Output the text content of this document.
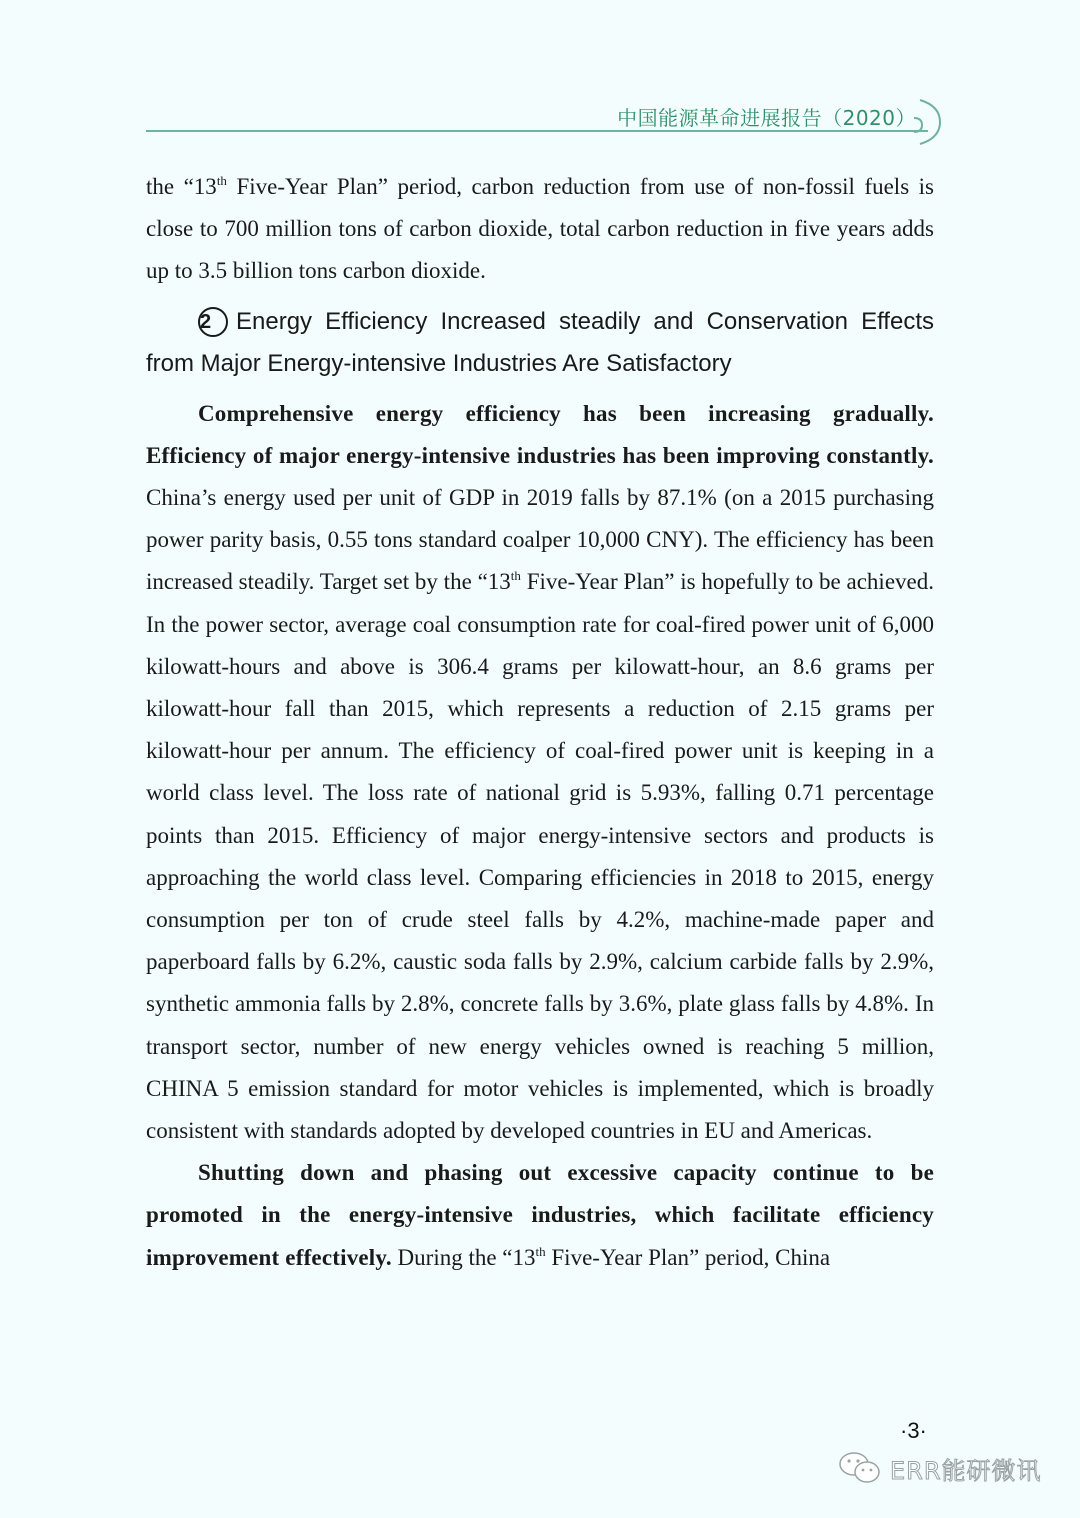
中国能源革命进展报告（2020）

the “13th Five-Year Plan” period, carbon reduction from use of non-fossil fuels is close to 700 million tons of carbon dioxide, total carbon reduction in five years adds up to 3.5 billion tons carbon dioxide.

2 Energy Efficiency Increased steadily and Conservation Effects from Major Energy-intensive Industries Are Satisfactory

Comprehensive energy efficiency has been increasing gradually. Efficiency of major energy-intensive industries has been improving constantly. China’s energy used per unit of GDP in 2019 falls by 87.1% (on a 2015 purchasing power parity basis, 0.55 tons standard coalper 10,000 CNY). The efficiency has been increased steadily. Target set by the “13th Five-Year Plan” is hopefully to be achieved. In the power sector, average coal consumption rate for coal-fired power unit of 6,000 kilowatt-hours and above is 306.4 grams per kilowatt-hour, an 8.6 grams per kilowatt-hour fall than 2015, which represents a reduction of 2.15 grams per kilowatt-hour per annum. The efficiency of coal-fired power unit is keeping in a world class level. The loss rate of national grid is 5.93%, falling 0.71 percentage points than 2015. Efficiency of major energy-intensive sectors and products is approaching the world class level. Comparing efficiencies in 2018 to 2015, energy consumption per ton of crude steel falls by 4.2%, machine-made paper and paperboard falls by 6.2%, caustic soda falls by 2.9%, calcium carbide falls by 2.9%, synthetic ammonia falls by 2.8%, concrete falls by 3.6%, plate glass falls by 4.8%. In transport sector, number of new energy vehicles owned is reaching 5 million, CHINA 5 emission standard for motor vehicles is implemented, which is broadly consistent with standards adopted by developed countries in EU and Americas.

Shutting down and phasing out excessive capacity continue to be promoted in the energy-intensive industries, which facilitate efficiency improvement effectively. During the “13th Five-Year Plan” period, China

·3·
ERR能研微讯
